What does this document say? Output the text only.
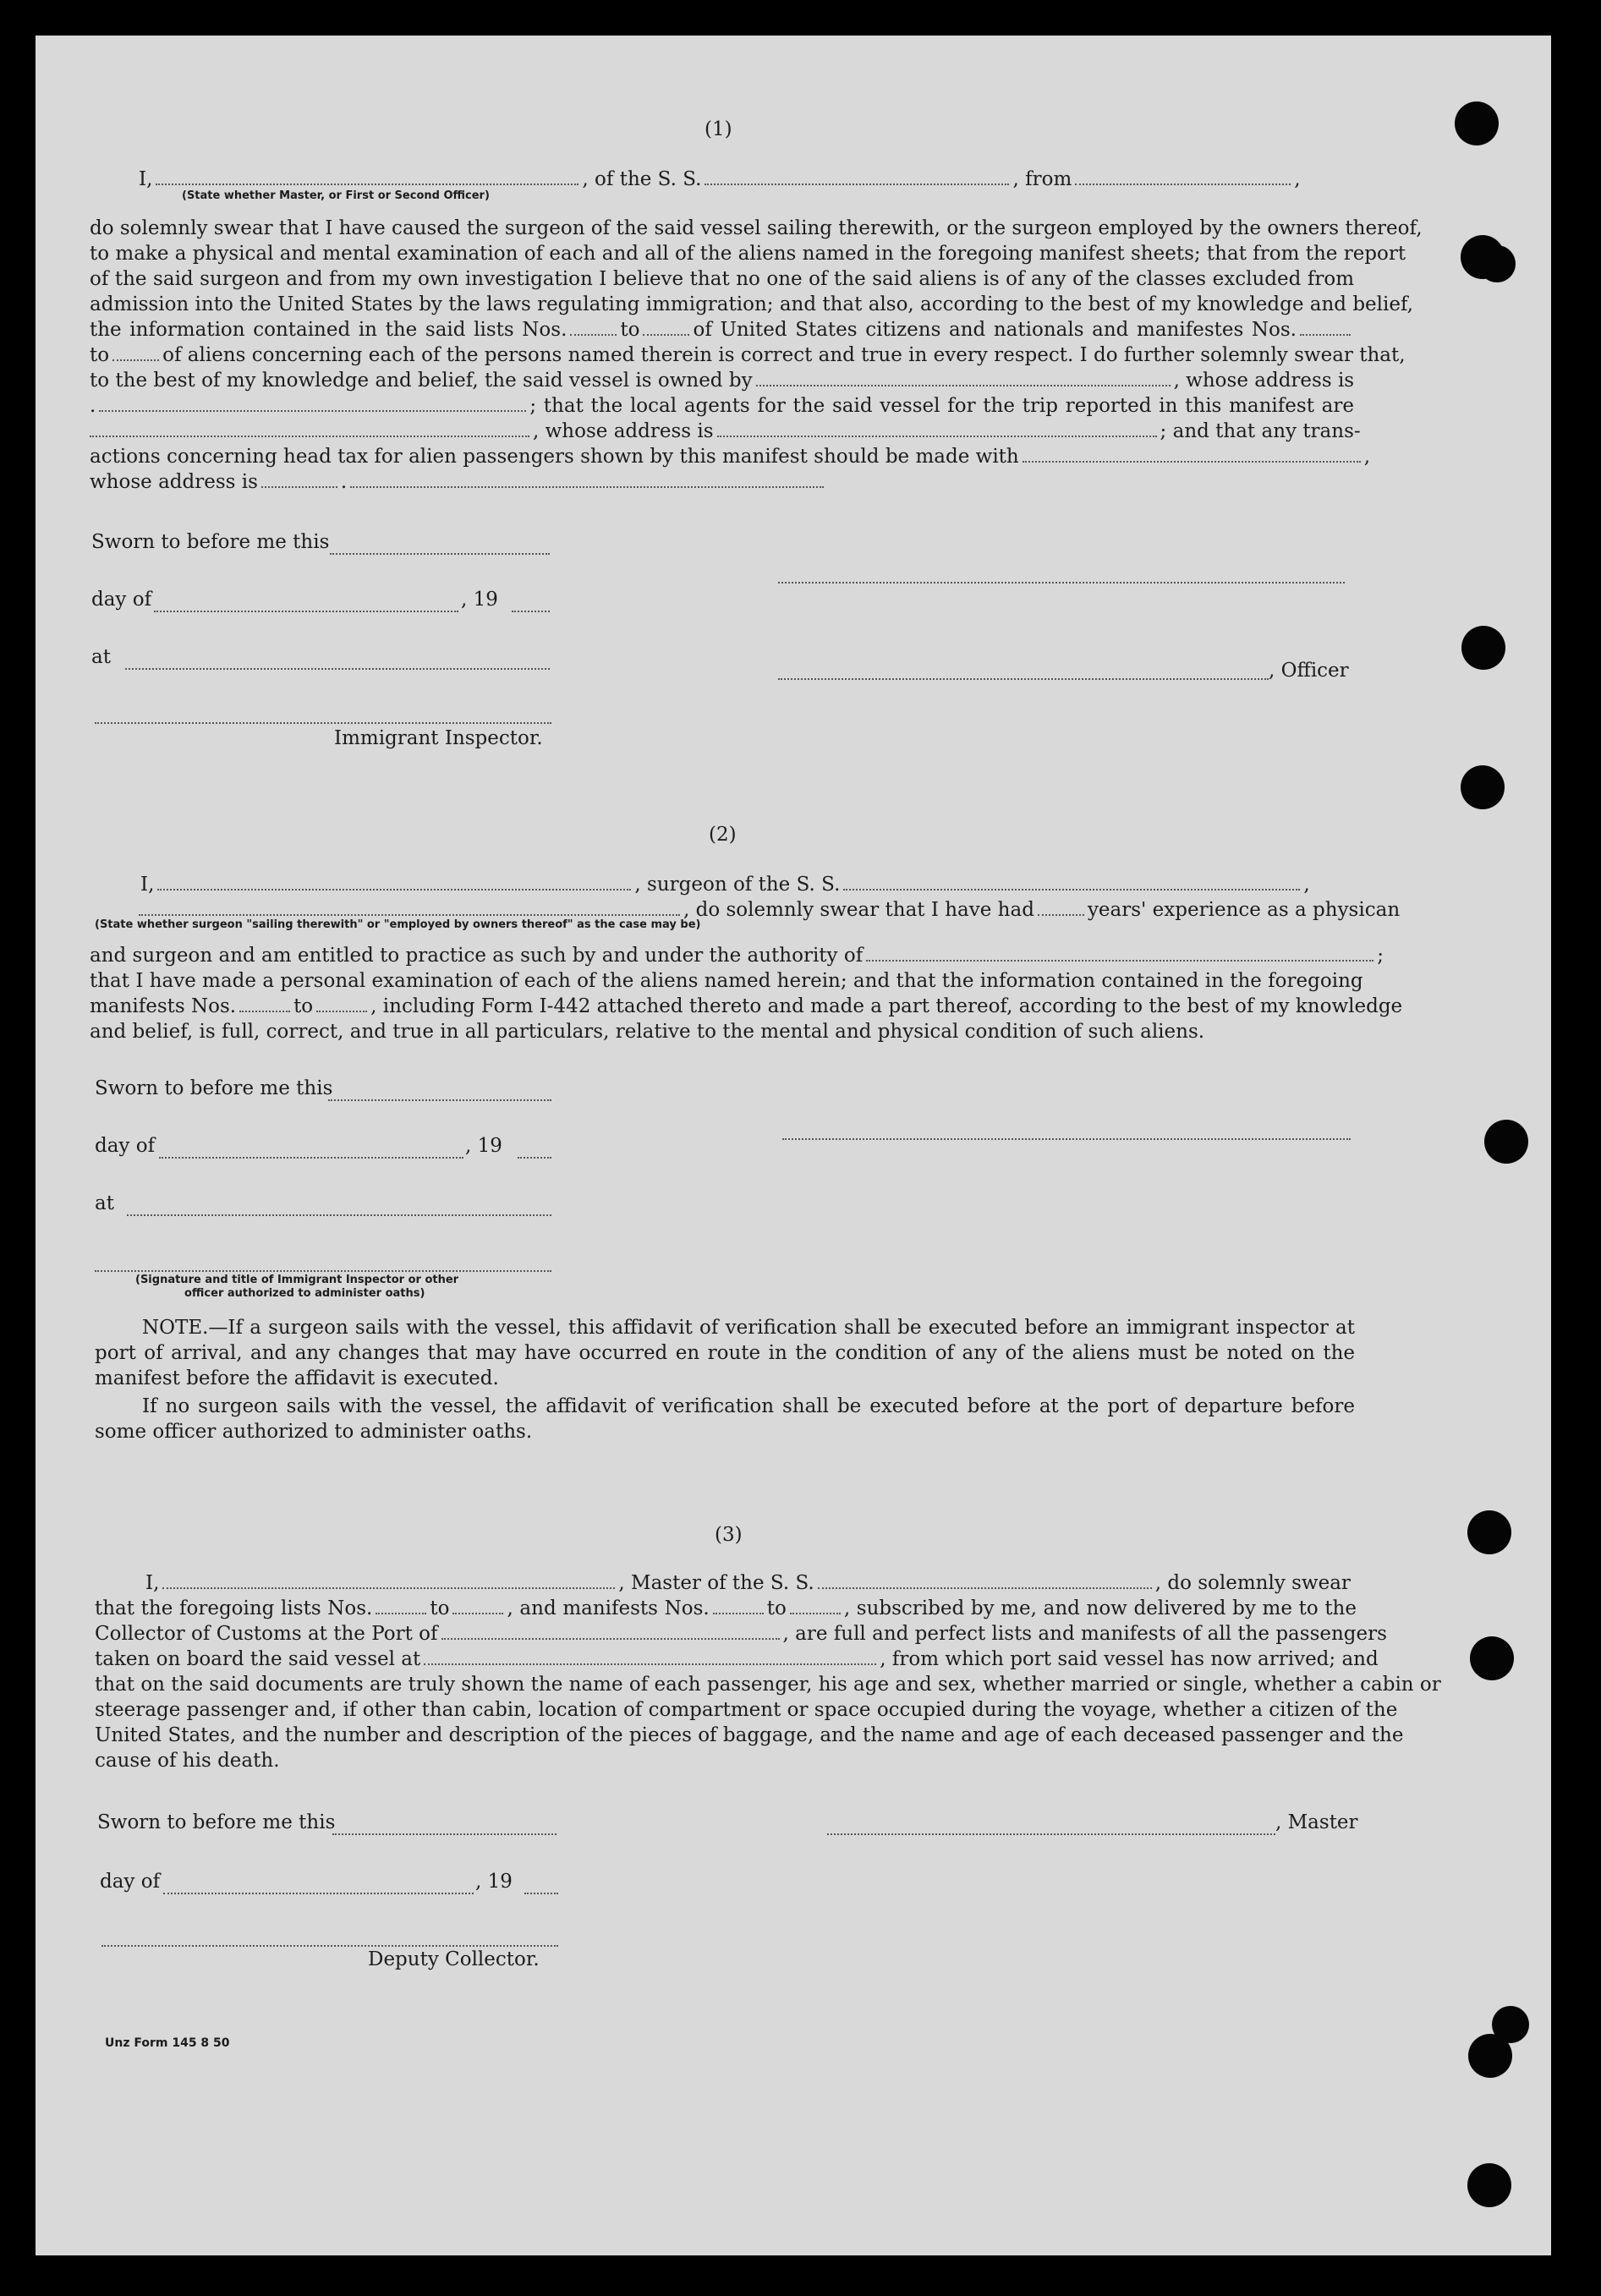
(1)
I,	, of the S. S.	, from	,
(State whether Master, or First or Second Officer)
do solemnly swear that I have caused the surgeon of the said vessel sailing therewith, or the surgeon employed by the owners thereof,
to make a physical and mental examination of each and all of the aliens named in the foregoing manifest sheets; that from the report
of the said surgeon and from my own investigation I believe that no one of the said aliens is of any of the classes excluded from
admission into the United States by the laws regulating immigration; and that also, according to the best of my knowledge and belief,
the information contained in the said lists Nos.	to	of United States citizens and nationals and manifestes Nos.
to	of aliens concerning each of the persons named therein is correct and true in every respect. I do further solemnly swear that,
to the best of my knowledge and belief, the said vessel is owned by	, whose address is
.	; that the local agents for the said vessel for the trip reported in this manifest are
, whose address is	; and that any trans-
actions concerning head tax for alien passengers shown by this manifest should be made with	,
whose address is	.
Sworn to before me this
day of	, 19
at
, Officer
Immigrant Inspector.
(2)
I,	, surgeon of the S. S.	,
, do solemnly swear that I have had	years' experience as a physican
(State whether surgeon "sailing therewith" or "employed by owners thereof" as the case may be)
and surgeon and am entitled to practice as such by and under the authority of	;
that I have made a personal examination of each of the aliens named herein; and that the information contained in the foregoing
manifests Nos.	to	, including Form I-442 attached thereto and made a part thereof, according to the best of my knowledge
and belief, is full, correct, and true in all particulars, relative to the mental and physical condition of such aliens.
Sworn to before me this
day of	, 19
at
(Signature and title of Immigrant Inspector or other
officer authorized to administer oaths)
NOTE.—If a surgeon sails with the vessel, this affidavit of verification shall be executed before an immigrant inspector at port of arrival, and any changes that may have occurred en route in the condition of any of the aliens must be noted on the manifest before the affidavit is executed.
If no surgeon sails with the vessel, the affidavit of verification shall be executed before at the port of departure before some officer authorized to administer oaths.
(3)
I,	, Master of the S. S.	, do solemnly swear
that the foregoing lists Nos.	to	, and manifests Nos.	to	, subscribed by me, and now delivered by me to the
Collector of Customs at the Port of	, are full and perfect lists and manifests of all the passengers
taken on board the said vessel at	, from which port said vessel has now arrived; and
that on the said documents are truly shown the name of each passenger, his age and sex, whether married or single, whether a cabin or
steerage passenger and, if other than cabin, location of compartment or space occupied during the voyage, whether a citizen of the
United States, and the number and description of the pieces of baggage, and the name and age of each deceased passenger and the
cause of his death.
Sworn to before me this	, Master
day of	, 19
Deputy Collector.
Unz Form 145 8 50
